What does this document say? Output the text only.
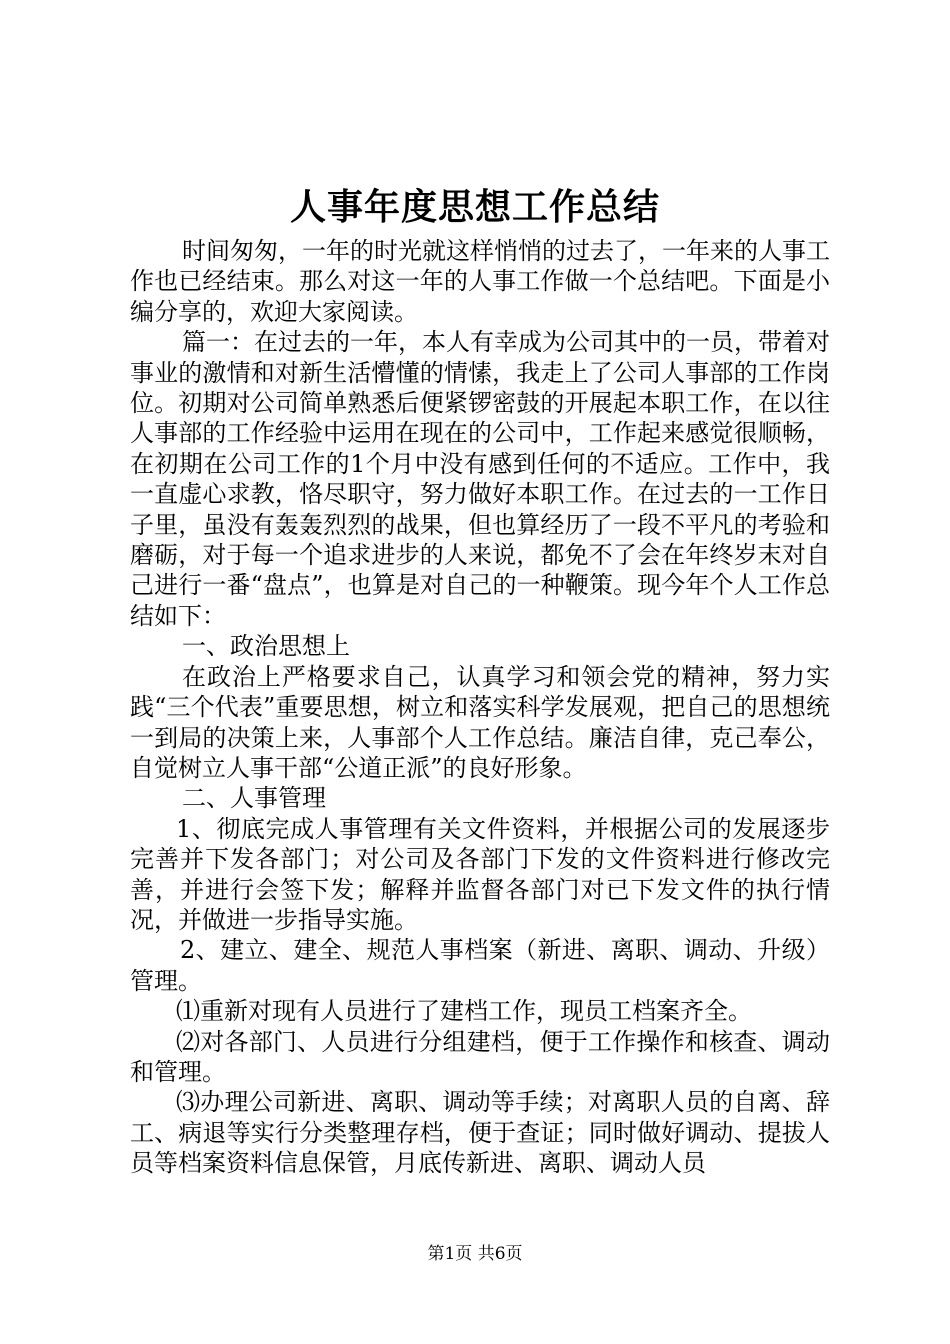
人事年度思想工作总结

时间匆匆，一年的时光就这样悄悄的过去了，一年来的人事工作也已经结束。那么对这一年的人事工作做一个总结吧。下面是小编分享的，欢迎大家阅读。

篇一：在过去的一年，本人有幸成为公司其中的一员，带着对事业的激情和对新生活懵懂的情愫，我走上了公司人事部的工作岗位。初期对公司简单熟悉后便紧锣密鼓的开展起本职工作，在以往人事部的工作经验中运用在现在的公司中，工作起来感觉很顺畅，在初期在公司工作的1个月中没有感到任何的不适应。工作中，我一直虚心求教，恪尽职守，努力做好本职工作。在过去的一工作日子里，虽没有轰轰烈烈的战果，但也算经历了一段不平凡的考验和磨砺，对于每一个追求进步的人来说，都免不了会在年终岁末对自己进行一番“盘点”，也算是对自己的一种鞭策。现今年个人工作总结如下：

一、政治思想上

在政治上严格要求自己，认真学习和领会党的精神，努力实践“三个代表”重要思想，树立和落实科学发展观，把自己的思想统一到局的决策上来，人事部个人工作总结。廉洁自律，克己奉公，自觉树立人事干部“公道正派”的良好形象。

二、人事管理

1、彻底完成人事管理有关文件资料，并根据公司的发展逐步完善并下发各部门；对公司及各部门下发的文件资料进行修改完善，并进行会签下发；解释并监督各部门对已下发文件的执行情况，并做进一步指导实施。

2、建立、建全、规范人事档案（新进、离职、调动、升级）管理。

⑴重新对现有人员进行了建档工作，现员工档案齐全。

⑵对各部门、人员进行分组建档，便于工作操作和核查、调动和管理。

⑶办理公司新进、离职、调动等手续；对离职人员的自离、辞工、病退等实行分类整理存档，便于查证；同时做好调动、提拔人员等档案资料信息保管，月底传新进、离职、调动人员

第1页 共6页
